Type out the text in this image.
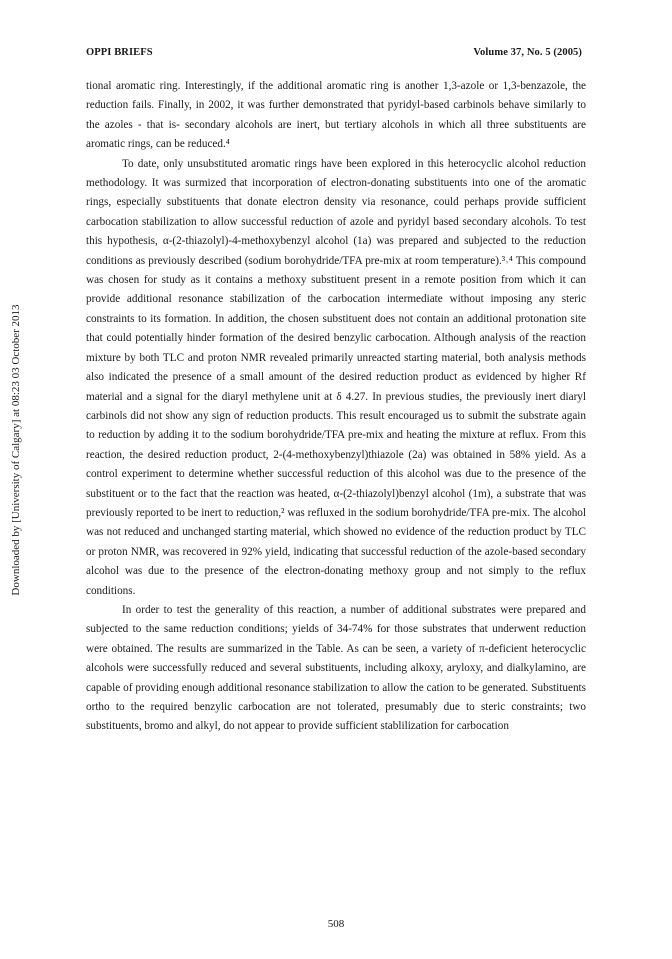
OPPI BRIEFS	Volume 37, No. 5 (2005)
Downloaded by [University of Calgary] at 08:23 03 October 2013

tional aromatic ring. Interestingly, if the additional aromatic ring is another 1,3-azole or 1,3-benzazole, the reduction fails. Finally, in 2002, it was further demonstrated that pyridyl-based carbinols behave similarly to the azoles - that is- secondary alcohols are inert, but tertiary alcohols in which all three substituents are aromatic rings, can be reduced.⁴

To date, only unsubstituted aromatic rings have been explored in this heterocyclic alcohol reduction methodology. It was surmized that incorporation of electron-donating substituents into one of the aromatic rings, especially substituents that donate electron density via resonance, could perhaps provide sufficient carbocation stabilization to allow successful reduction of azole and pyridyl based secondary alcohols. To test this hypothesis, α-(2-thiazolyl)-4-methoxybenzyl alcohol (1a) was prepared and subjected to the reduction conditions as previously described (sodium borohydride/TFA pre-mix at room temperature).³˒⁴ This compound was chosen for study as it contains a methoxy substituent present in a remote position from which it can provide additional resonance stabilization of the carbocation intermediate without imposing any steric constraints to its formation. In addition, the chosen substituent does not contain an additional protonation site that could potentially hinder formation of the desired benzylic carbocation. Although analysis of the reaction mixture by both TLC and proton NMR revealed primarily unreacted starting material, both analysis methods also indicated the presence of a small amount of the desired reduction product as evidenced by higher Rf material and a signal for the diaryl methylene unit at δ 4.27. In previous studies, the previously inert diaryl carbinols did not show any sign of reduction products. This result encouraged us to submit the substrate again to reduction by adding it to the sodium borohydride/TFA pre-mix and heating the mixture at reflux. From this reaction, the desired reduction product, 2-(4-methoxybenzyl)thiazole (2a) was obtained in 58% yield. As a control experiment to determine whether successful reduction of this alcohol was due to the presence of the substituent or to the fact that the reaction was heated, α-(2-thiazolyl)benzyl alcohol (1m), a substrate that was previously reported to be inert to reduction,² was refluxed in the sodium borohydride/TFA pre-mix. The alcohol was not reduced and unchanged starting material, which showed no evidence of the reduction product by TLC or proton NMR, was recovered in 92% yield, indicating that successful reduction of the azole-based secondary alcohol was due to the presence of the electron-donating methoxy group and not simply to the reflux conditions.

In order to test the generality of this reaction, a number of additional substrates were prepared and subjected to the same reduction conditions; yields of 34-74% for those substrates that underwent reduction were obtained. The results are summarized in the Table. As can be seen, a variety of π-deficient heterocyclic alcohols were successfully reduced and several substituents, including alkoxy, aryloxy, and dialkylamino, are capable of providing enough additional resonance stabilization to allow the cation to be generated. Substituents ortho to the required benzylic carbocation are not tolerated, presumably due to steric constraints; two substituents, bromo and alkyl, do not appear to provide sufficient stablilization for carbocation

508
